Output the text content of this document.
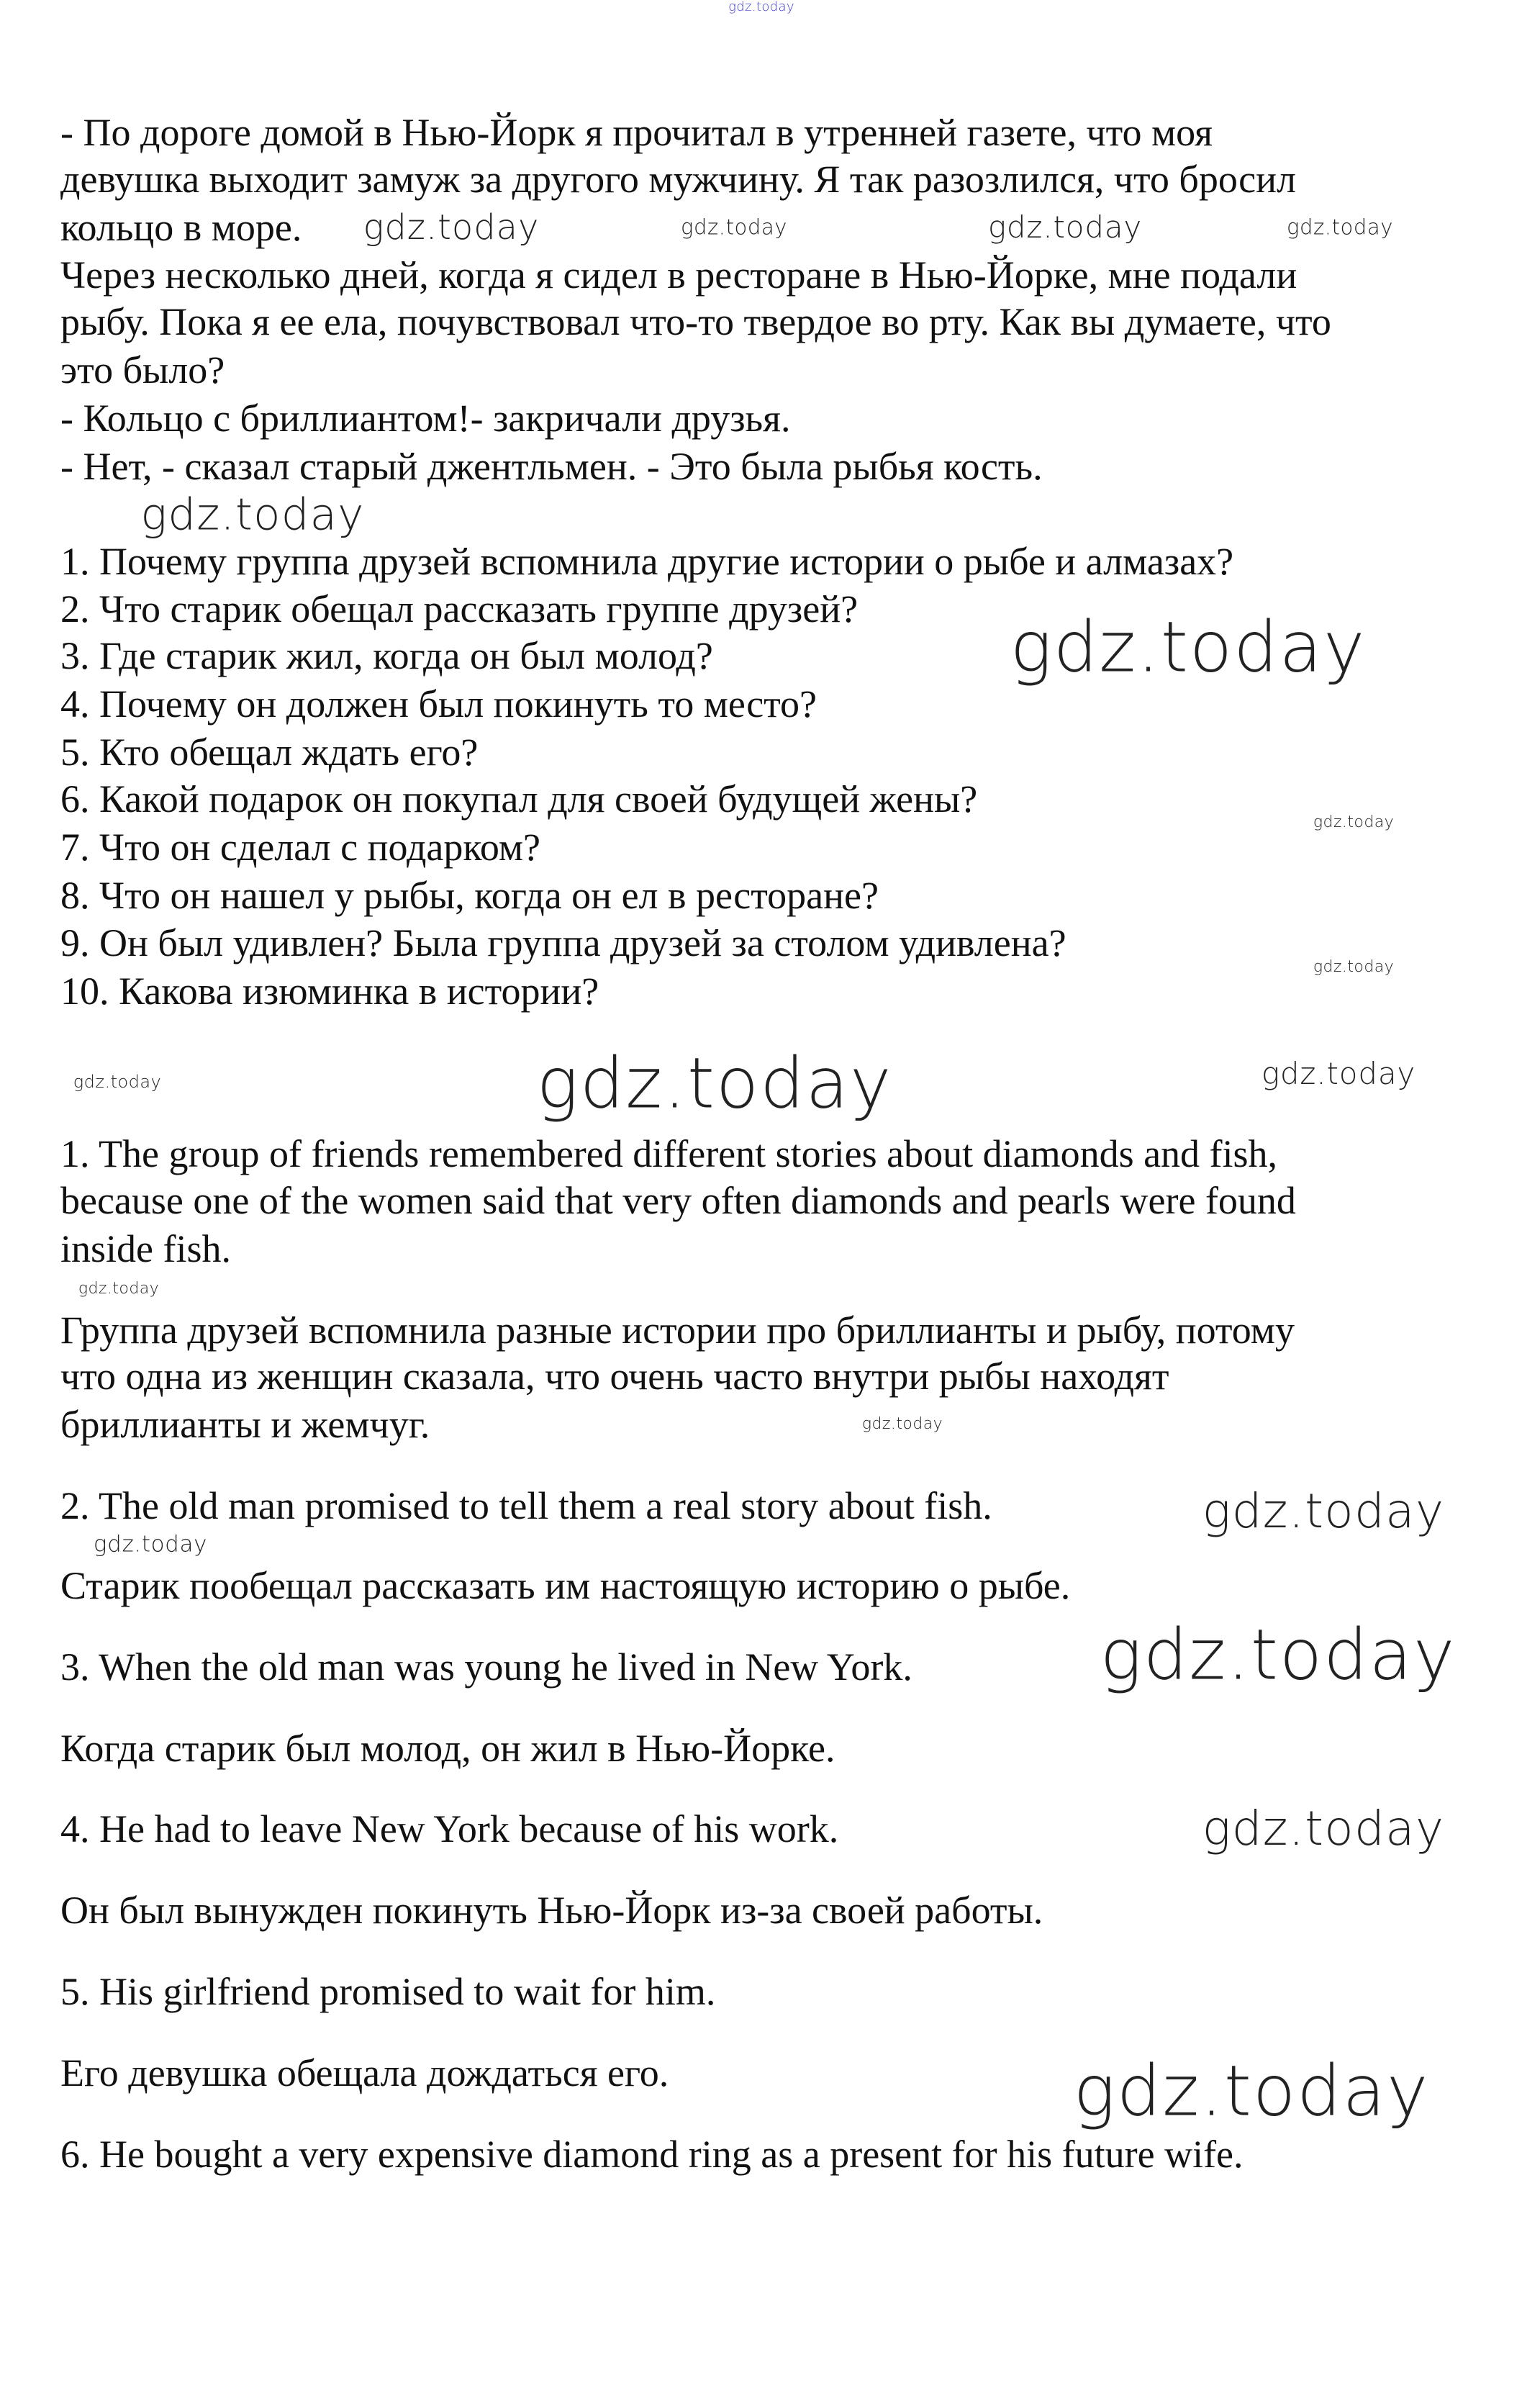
- По дороге домой в Нью-Йорк я прочитал в утренней газете, что моя
девушка выходит замуж за другого мужчину. Я так разозлился, что бросил
кольцо в море.
Через несколько дней, когда я сидел в ресторане в Нью-Йорке, мне подали
рыбу. Пока я ее ела, почувствовал что-то твердое во рту. Как вы думаете, что
это было?
- Кольцо с бриллиантом!- закричали друзья.
- Нет, - сказал старый джентльмен. - Это была рыбья кость.
1. Почему группа друзей вспомнила другие истории о рыбе и алмазах?
2. Что старик обещал рассказать группе друзей?
3. Где старик жил, когда он был молод?
4. Почему он должен был покинуть то место?
5. Кто обещал ждать его?
6. Какой подарок он покупал для своей будущей жены?
7. Что он сделал с подарком?
8. Что он нашел у рыбы, когда он ел в ресторане?
9. Он был удивлен? Была группа друзей за столом удивлена?
10. Какова изюминка в истории?
1. The group of friends remembered different stories about diamonds and fish,
because one of the women said that very often diamonds and pearls were found
inside fish.
Группа друзей вспомнила разные истории про бриллианты и рыбу, потому
что одна из женщин сказала, что очень часто внутри рыбы находят
бриллианты и жемчуг.
2. The old man promised to tell them a real story about fish.
Старик пообещал рассказать им настоящую историю о рыбе.
3. When the old man was young he lived in New York.
Когда старик был молод, он жил в Нью-Йорке.
4. He had to leave New York because of his work.
Он был вынужден покинуть Нью-Йорк из-за своей работы.
5. His girlfriend promised to wait for him.
Его девушка обещала дождаться его.
6. He bought a very expensive diamond ring as a present for his future wife.
gdz.today
gdz.today	gdz.today	gdz.today	gdz.today
gdz.today
gdz.today
gdz.today
gdz.today
gdz.today	gdz.today	gdz.today
gdz.today
gdz.today
gdz.today
gdz.today
gdz.today
gdz.today
gdz.today
